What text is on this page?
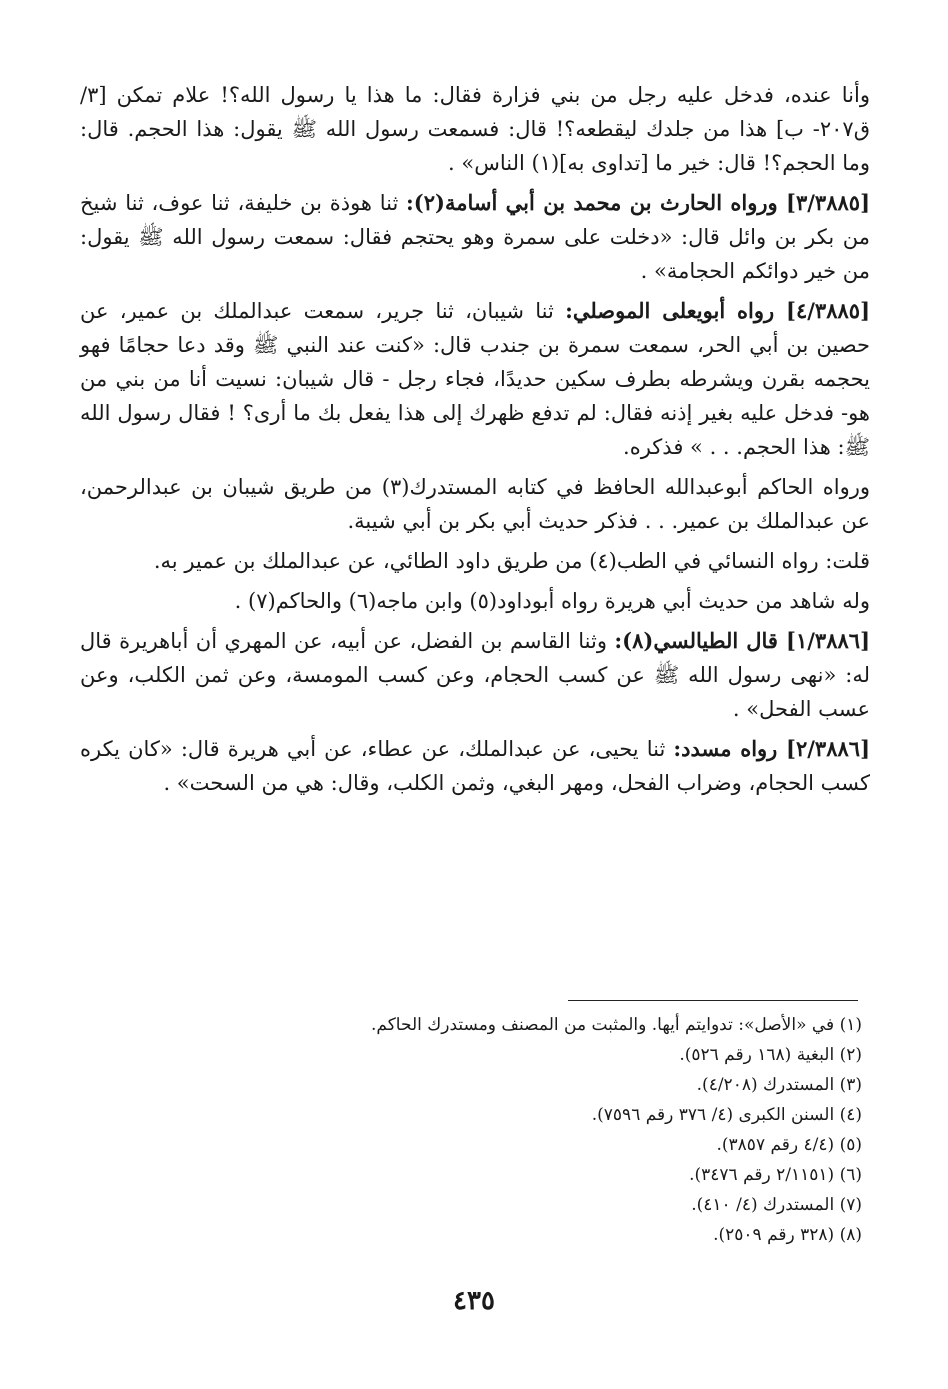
وأنا عنده، فدخل عليه رجل من بني فزارة فقال: ما هذا يا رسول الله؟! علام تمكن [٣/ق٢٠٧- ب] هذا من جلدك ليقطعه؟! قال: فسمعت رسول الله ﷺ يقول: هذا الحجم. قال: وما الحجم؟! قال: خير ما [تداوى به](١) الناس» .

[٣/٣٨٨٥] ورواه الحارث بن محمد بن أبي أسامة(٢): ثنا هوذة بن خليفة، ثنا عوف، ثنا شيخ من بكر بن وائل قال: «دخلت على سمرة وهو يحتجم فقال: سمعت رسول الله ﷺ يقول: من خير دوائكم الحجامة» .

[٤/٣٨٨٥] رواه أبويعلى الموصلي: ثنا شيبان، ثنا جرير، سمعت عبدالملك بن عمير، عن حصين بن أبي الحر، سمعت سمرة بن جندب قال: «كنت عند النبي ﷺ وقد دعا حجامًا فهو يحجمه بقرن ويشرطه بطرف سكين حديدًا، فجاء رجل - قال شيبان: نسيت أنا من بني من هو- فدخل عليه بغير إذنه فقال: لم تدفع ظهرك إلى هذا يفعل بك ما أرى؟ ! فقال رسول الله ﷺ: هذا الحجم. . . » فذكره.

ورواه الحاكم أبوعبدالله الحافظ في كتابه المستدرك(٣) من طريق شيبان بن عبدالرحمن، عن عبدالملك بن عمير. . . فذكر حديث أبي بكر بن أبي شيبة.

قلت: رواه النسائي في الطب(٤) من طريق داود الطائي، عن عبدالملك بن عمير به.

وله شاهد من حديث أبي هريرة رواه أبوداود(٥) وابن ماجه(٦) والحاكم(٧) .

[١/٣٨٨٦] قال الطيالسي(٨): وثنا القاسم بن الفضل، عن أبيه، عن المهري أن أباهريرة قال له: «نهى رسول الله ﷺ عن كسب الحجام، وعن كسب المومسة، وعن ثمن الكلب، وعن عسب الفحل» .

[٢/٣٨٨٦] رواه مسدد: ثنا يحيى، عن عبدالملك، عن عطاء، عن أبي هريرة قال: «كان يكره كسب الحجام، وضراب الفحل، ومهر البغي، وثمن الكلب، وقال: هي من السحت» .

(١) في «الأصل»: تدوايتم أيها. والمثبت من المصنف ومستدرك الحاكم.

(٢) البغية (١٦٨ رقم ٥٢٦).

(٣) المستدرك (٤/٢٠٨).

(٤) السنن الكبرى (٤/ ٣٧٦ رقم ٧٥٩٦).

(٥) (٤/٤ رقم ٣٨٥٧).

(٦) (٢/١١٥١ رقم ٣٤٧٦).

(٧) المستدرك (٤/ ٤١٠).

(٨) (٣٢٨ رقم ٢٥٠٩).

٤٣٥
